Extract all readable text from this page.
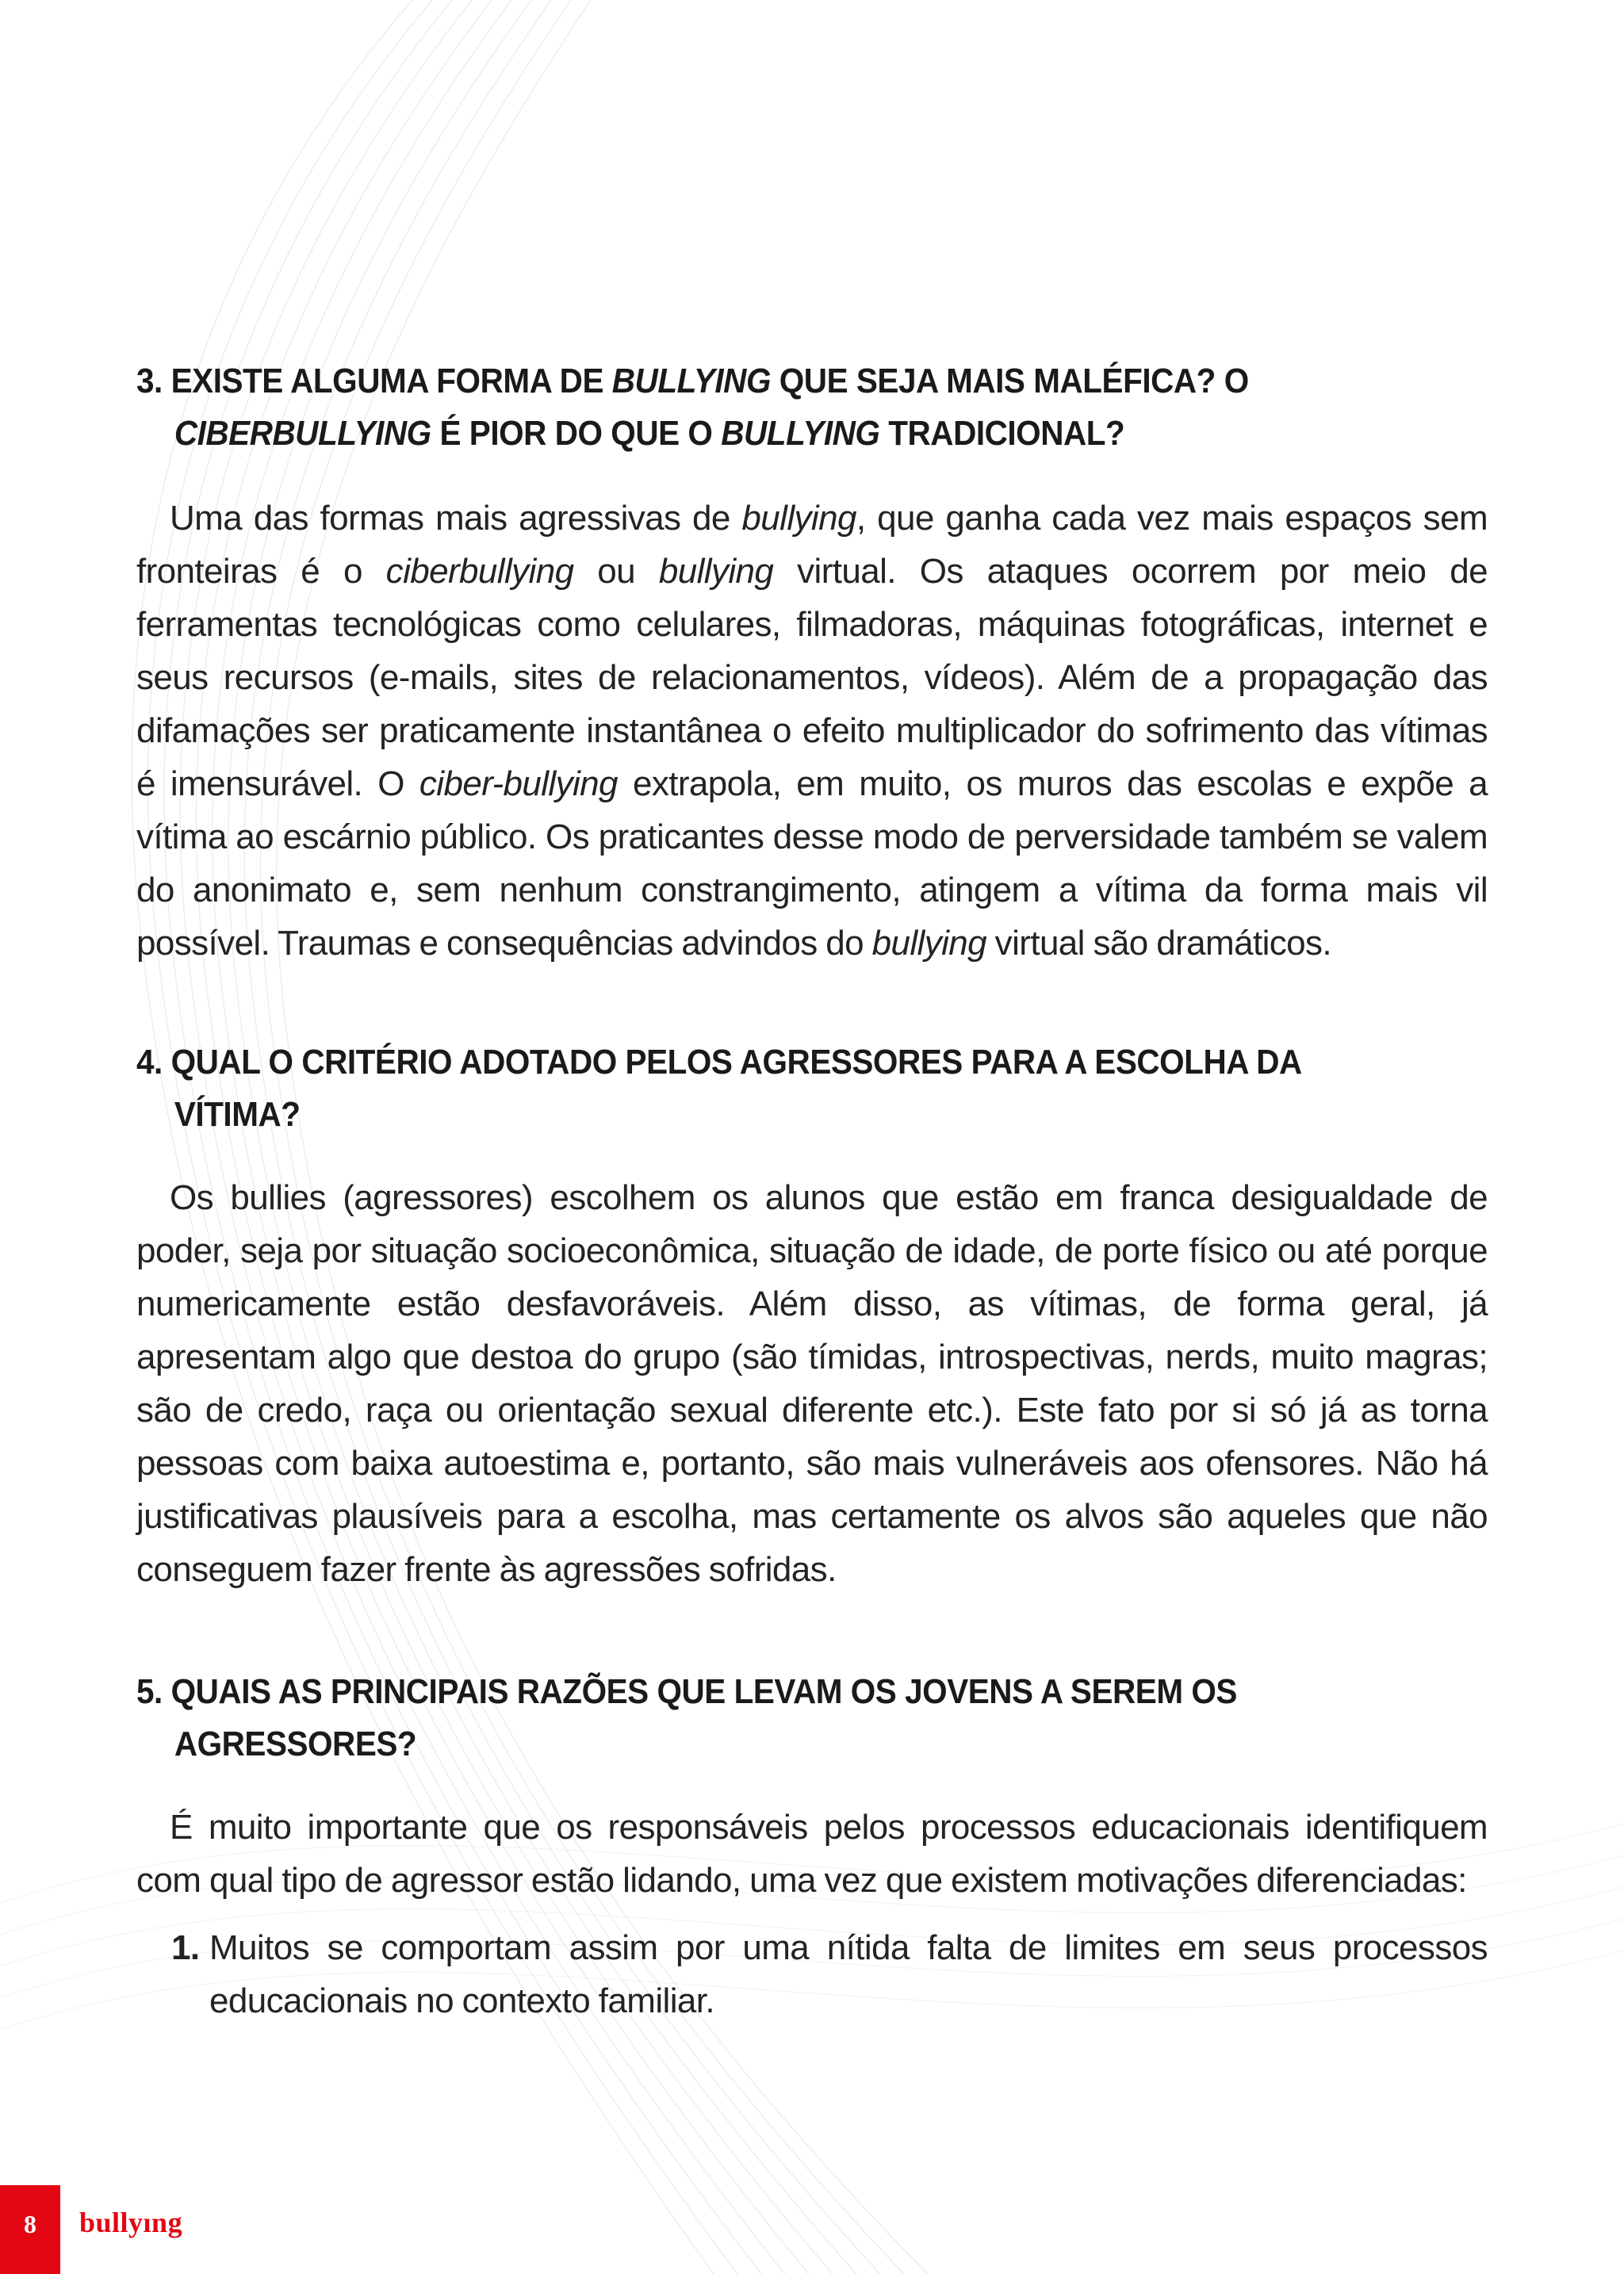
3. EXISTE ALGUMA FORMA DE BULLYING QUE SEJA MAIS MALÉFICA? O CIBERBULLYING É PIOR DO QUE O BULLYING TRADICIONAL?

Uma das formas mais agressivas de bullying, que ganha cada vez mais espaços sem fronteiras é o ciberbullying ou bullying virtual. Os ataques ocorrem por meio de ferramentas tecnológicas como celulares, filmadoras, máquinas fotográficas, internet e seus recursos (e-mails, sites de relacionamentos, vídeos). Além de a propagação das difamações ser praticamente instantânea o efeito multiplicador do sofrimento das vítimas é imensurável. O ciber-bullying extrapola, em muito, os muros das escolas e expõe a vítima ao escárnio público. Os praticantes desse modo de perversidade também se valem do anonimato e, sem nenhum constrangimento, atingem a vítima da forma mais vil possível. Traumas e consequências advindos do bullying virtual são dramáticos.

4. QUAL O CRITÉRIO ADOTADO PELOS AGRESSORES PARA A ESCOLHA DA VÍTIMA?

Os bullies (agressores) escolhem os alunos que estão em franca desigualdade de poder, seja por situação socioeconômica, situação de idade, de porte físico ou até porque numericamente estão desfavoráveis. Além disso, as vítimas, de forma geral, já apresentam algo que destoa do grupo (são tímidas, introspectivas, nerds, muito magras; são de credo, raça ou orientação sexual diferente etc.). Este fato por si só já as torna pessoas com baixa autoestima e, portanto, são mais vulneráveis aos ofensores. Não há justificativas plausíveis para a escolha, mas certamente os alvos são aqueles que não conseguem fazer frente às agressões sofridas.

5. QUAIS AS PRINCIPAIS RAZÕES QUE LEVAM OS JOVENS A SEREM OS AGRESSORES?

É muito importante que os responsáveis pelos processos educacionais identifiquem com qual tipo de agressor estão lidando, uma vez que existem motivações diferenciadas:

1. Muitos se comportam assim por uma nítida falta de limites em seus processos educacionais no contexto familiar.
8	bullyıng
